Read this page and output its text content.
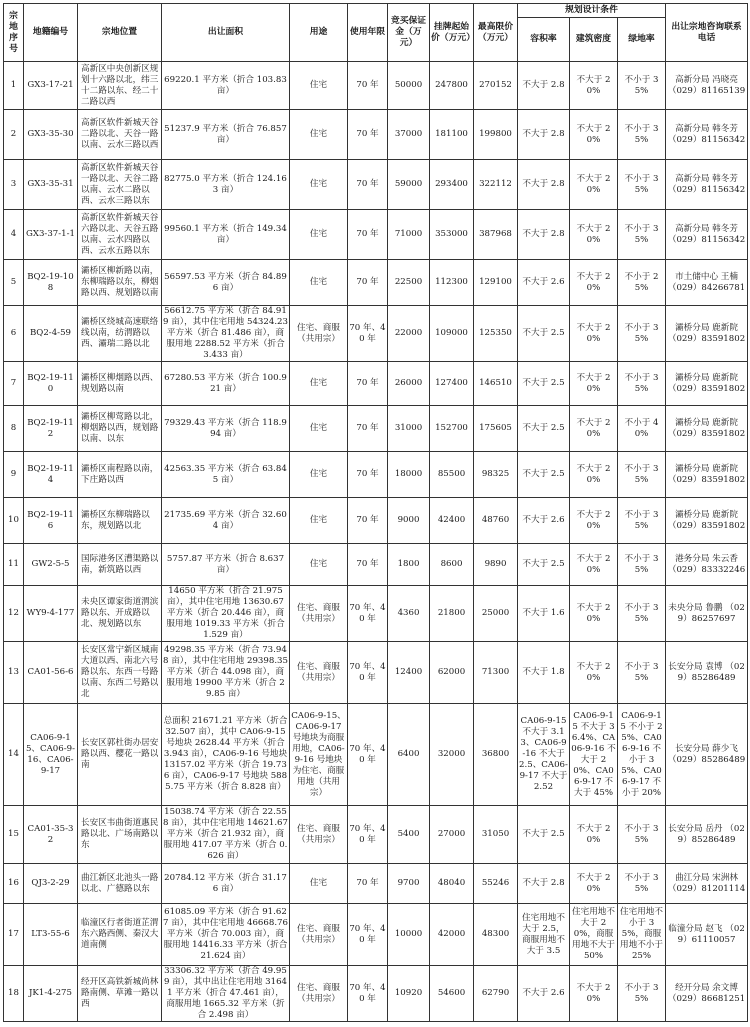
宗地序号	地籍编号	宗地位置	出让面积	用途	使用年限	竞买保证金（万元）	挂牌起始价（万元）	最高限价（万元）	规划设计条件			出让宗地咨询联系电话
									容积率	建筑密度	绿地率	
1	GX3-17-21	高新区中央创新区规划十六路以北，纬三十二路以东、经二十二路以西	69220.1 平方米（折合 103.83 亩）	住宅	70 年	50000	247800	270152	不大于 2.8	不大于 20%	不小于 35%	高新分局 冯晓亮 （029）81165139
2	GX3-35-30	高新区软件新城天谷二路以北、天谷一路以南、云水三路以西	51237.9 平方米（折合 76.857 亩）	住宅	70 年	37000	181100	199800	不大于 2.8	不大于 20%	不小于 35%	高新分局 韩冬芳 （029）81156342
3	GX3-35-31	高新区软件新城天谷一路以北、天谷二路以南、云水二路以西、云水三路以东	82775.0 平方米（折合 124.163 亩）	住宅	70 年	59000	293400	322112	不大于 2.8	不大于 20%	不小于 35%	高新分局 韩冬芳 （029）81156342
4	GX3-37-1-1	高新区软件新城天谷六路以北、天谷五路以南、云水四路以西、云水五路以东	99560.1 平方米（折合 149.34 亩）	住宅	70 年	71000	353000	387968	不大于 2.8	不大于 20%	不小于 35%	高新分局 韩冬芳 （029）81156342
5	BQ2-19-108	灞桥区柳新路以南，东柳瑞路以东，柳烟路以西、规划路以南	56597.53 平方米（折合 84.896 亩）	住宅	70 年	22500	112300	129100	不大于 2.6	不大于 20%	不小于 25%	市土储中心 王楠 （029）84266781
6	BQ2-4-59	灞桥区绕城高速联络线以南，纺渭路以西、灞瑞二路以北	56612.75 平方米（折合 84.919 亩），其中住宅用地 54324.23 平方米（折合 81.486 亩），商服用地 2288.52 平方米（折合 3.433 亩）	住宅、商服（共用宗）	70 年、40 年	22000	109000	125350	不大于 2.5	不大于 20%	不小于 35%	灞桥分局 鹿新院 （029）83591802
7	BQ2-19-110	灞桥区柳烟路以西、规划路以南	67280.53 平方米（折合 100.921 亩）	住宅	70 年	26000	127400	146510	不大于 2.5	不大于 20%	不小于 35%	灞桥分局 鹿新院 （029）83591802
8	BQ2-19-112	灞桥区柳莺路以北，柳烟路以西，规划路以南、以东	79329.43 平方米（折合 118.994 亩）	住宅	70 年	31000	152700	175605	不大于 2.5	不大于 20%	不小于 40%	灞桥分局 鹿新院 （029）83591802
9	BQ2-19-114	灞桥区南程路以南，下庄路以西	42563.35 平方米（折合 63.845 亩）	住宅	70 年	18000	85500	98325	不大于 2.5	不大于 20%	不小于 35%	灞桥分局 鹿新院 （029）83591802
10	BQ2-19-116	灞桥区东柳瑞路以东，规划路以北	21735.69 平方米（折合 32.604 亩）	住宅	70 年	9000	42400	48760	不大于 2.6	不大于 20%	不小于 35%	灞桥分局 鹿新院 （029）83591802
11	GW2-5-5	国际港务区漕渠路以南，新筑路以西	5757.87 平方米（折合 8.637 亩）	住宅	70 年	1800	8600	9890	不大于 2.5	不大于 20%	不小于 35%	港务分局 朱云香 （029）83332246
12	WY9-4-177	未央区谭家街道渭滨路以东、开成路以北、规划路以东	14650 平方米（折合 21.975 亩），其中住宅用地 13630.67 平方米（折合 20.446 亩），商服用地 1019.33 平方米（折合 1.529 亩）	住宅、商服（共用宗）	70 年、40 年	4360	21800	25000	不大于 1.6	不大于 20%	不小于 35%	未央分局 鲁鹏 （029）86257697
13	CA01-56-6	长安区常宁新区城南大道以西、南北六号路以东、东西一号路以南、东西二号路以北	49298.35 平方米（折合 73.948 亩），其中住宅用地 29398.35 平方米（折合 44.098 亩），商服用地 19900 平方米（折合 29.85 亩）	住宅、商服（共用宗）	70 年、40 年	12400	62000	71300	不大于 1.8	不大于 20%	不小于 35%	长安分局 袁博 （029）85286489
14	CA06-9-15、CA06-9-16、CA06-9-17	长安区郭杜街办居安路以西、樱花一路以南	总面积 21671.21 平方米（折合 32.507 亩），其中 CA06-9-15 号地块 2628.44 平方米（折合 3.943 亩），CA06-9-16 号地块 13157.02 平方米（折合 19.736 亩），CA06-9-17 号地块 5885.75 平方米（折合 8.828 亩）	CA06-9-15、CA06-9-17 号地块为商服用地，CA06-9-16 号地块为住宅、商服用地（共用宗）	70 年、40 年	6400	32000	36800	CA06-9-15 不大于 3.13、CA06-9-16 不大于 2.5、CA06-9-17 不大于 2.52	CA06-9-15 不大于 36.4%、CA06-9-16 不大于 20%、CA06-9-17 不大于 45%	CA06-9-15 不小于 25%、CA06-9-16 不小于 35%、CA06-9-17 不小于 20%	长安分局 薛少飞 （029）85286489
15	CA01-35-32	长安区韦曲街道惠民路以北、广场南路以东	15038.74 平方米（折合 22.558 亩），其中住宅用地 14621.67 平方米（折合 21.932 亩），商服用地 417.07 平方米（折合 0.626 亩）	住宅、商服（共用宗）	70 年、40 年	5400	27000	31050	不大于 2.5	不大于 20%	不小于 35%	长安分局 岳丹 （029）85286489
16	QJ3-2-29	曲江新区北池头一路以北、广德路以东	20784.12 平方米（折合 31.176 亩）	住宅	70 年	9700	48040	55246	不大于 2.8	不大于 20%	不小于 35%	曲江分局 宋洲林 （029）81201114
17	LT3-55-6	临潼区行者街道芷渭东六路西侧、秦汉大道南侧	61085.09 平方米（折合 91.627 亩），其中住宅用地 46668.76 平方米（折合 70.003 亩），商服用地 14416.33 平方米（折合 21.624 亩）	住宅、商服（共用宗）	70 年、40 年	10000	42000	48300	住宅用地不大于 2.5，商服用地不大于 3.5	住宅用地不大于 20%，商服用地不大于 50%	住宅用地不小于 35%，商服用地不小于 25%	临潼分局 赵飞 （029）61110057
18	JK1-4-275	经开区高铁新城尚林路南侧、草滩一路以西	33306.32 平方米（折合 49.959 亩），其中出让住宅用地 31641 平方米（折合 47.461 亩），商服用地 1665.32 平方米（折合 2.498 亩）	住宅、商服（共用宗）	70 年、40 年	10920	54600	62790	不大于 2.6	不大于 20%	不小于 35%	经开分局 余文博 （029）86681251
